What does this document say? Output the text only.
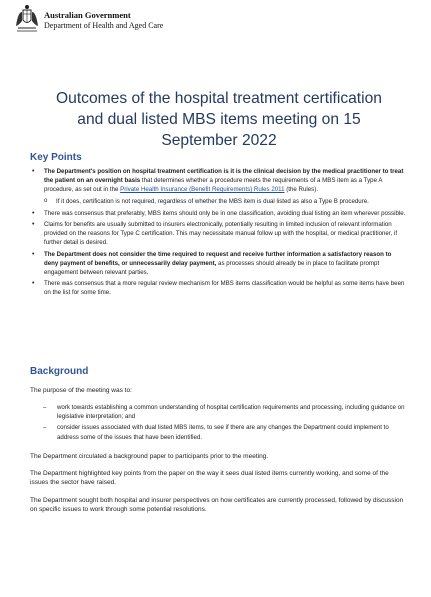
Australian Government
Department of Health and Aged Care
Outcomes of the hospital treatment certification
and dual listed MBS items meeting on 15
September 2022
Key Points
• The Department's position on hospital treatment certification is it is the clinical decision by the medical practitioner to treat the patient on an overnight basis that determines whether a procedure meets the requirements of a MBS item as a Type A procedure, as set out in the Private Health Insurance (Benefit Requirements) Rules 2011 (the Rules).
o If it does, certification is not required, regardless of whether the MBS item is dual listed as also a Type B procedure.
• There was consensus that preferably, MBS items should only be in one classification, avoiding dual listing an item wherever possible.
• Claims for benefits are usually submitted to insurers electronically, potentially resulting in limited inclusion of relevant information provided on the reasons for Type C certification. This may necessitate manual follow up with the hospital, or medical practitioner, if further detail is desired.
• The Department does not consider the time required to request and receive further information a satisfactory reason to deny payment of benefits, or unnecessarily delay payment, as processes should already be in place to facilitate prompt engagement between relevant parties.
• There was consensus that a more regular review mechanism for MBS items classification would be helpful as some items have been on the list for some time.
Background
The purpose of the meeting was to:
– work towards establishing a common understanding of hospital certification requirements and processing, including guidance on legislative interpretation; and
– consider issues associated with dual listed MBS items, to see if there are any changes the Department could implement to address some of the issues that have been identified.
The Department circulated a background paper to participants prior to the meeting.
The Department highlighted key points from the paper on the way it sees dual listed items currently working, and some of the issues the sector have raised.
The Department sought both hospital and insurer perspectives on how certificates are currently processed, followed by discussion on specific issues to work through some potential resolutions.
